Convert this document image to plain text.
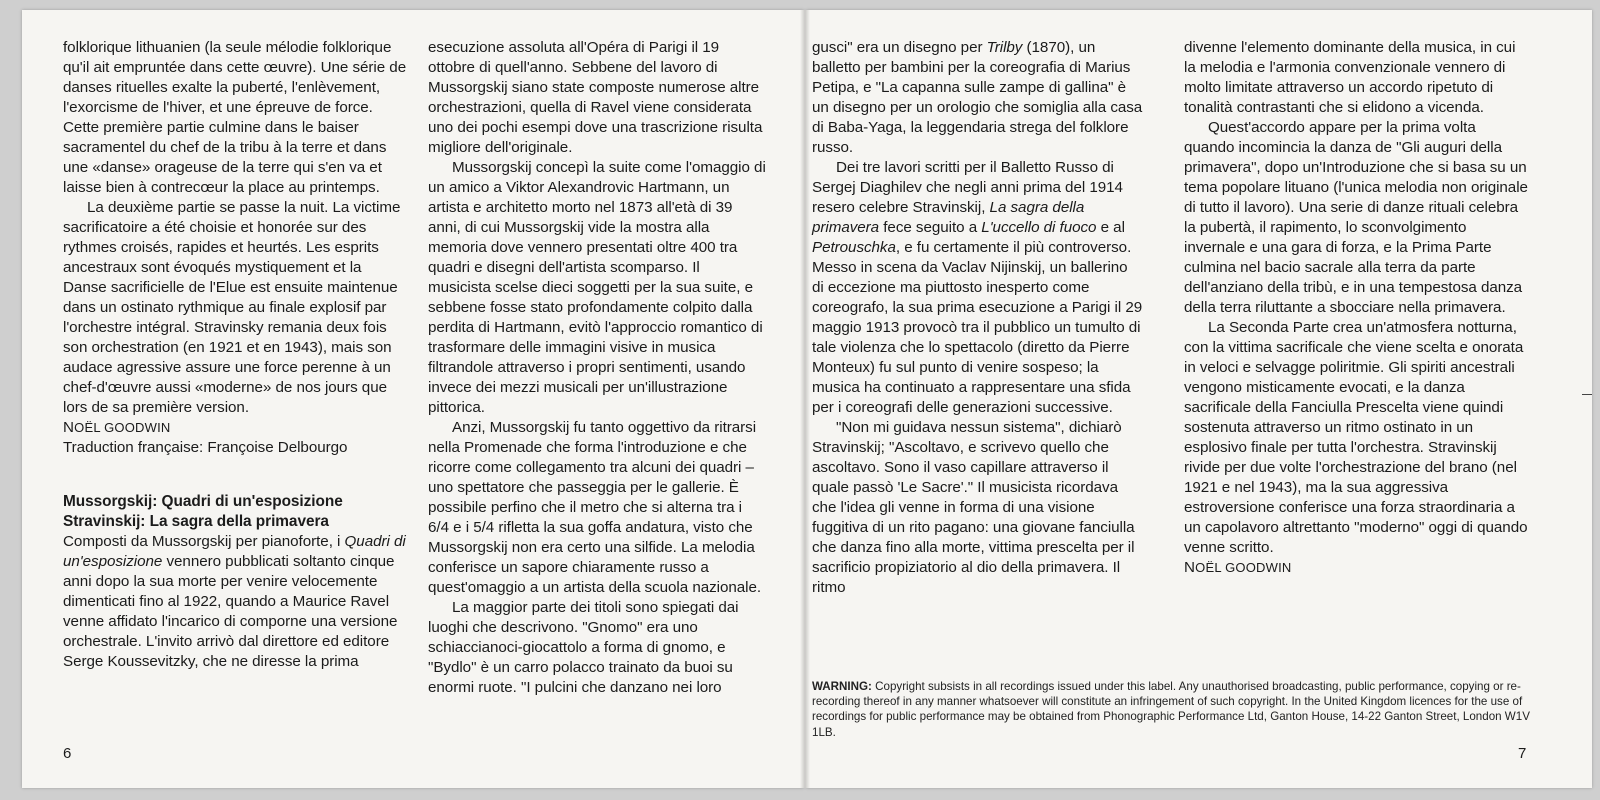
folklorique lithuanien (la seule mélodie folklorique qu'il ait empruntée dans cette œuvre). Une série de danses rituelles exalte la puberté, l'enlèvement, l'exorcisme de l'hiver, et une épreuve de force. Cette première partie culmine dans le baiser sacramentel du chef de la tribu à la terre et dans une «danse» orageuse de la terre qui s'en va et laisse bien à contrecœur la place au printemps.

La deuxième partie se passe la nuit. La victime sacrificatoire a été choisie et honorée sur des rythmes croisés, rapides et heurtés. Les esprits ancestraux sont évoqués mystiquement et la Danse sacrificielle de l'Elue est ensuite maintenue dans un ostinato rythmique au finale explosif par l'orchestre intégral. Stravinsky remania deux fois son orchestration (en 1921 et en 1943), mais son audace agressive assure une force perenne à un chef-d'œuvre aussi «moderne» de nos jours que lors de sa première version.

NOËL GOODWIN

Traduction française: Françoise Delbourgo

Mussorgskij: Quadri di un'esposizione
Stravinskij: La sagra della primavera

Composti da Mussorgskij per pianoforte, i Quadri di un'esposizione vennero pubblicati soltanto cinque anni dopo la sua morte per venire velocemente dimenticati fino al 1922, quando a Maurice Ravel venne affidato l'incarico di comporne una versione orchestrale. L'invito arrivò dal direttore ed editore Serge Koussevitzky, che ne diresse la prima

esecuzione assoluta all'Opéra di Parigi il 19 ottobre di quell'anno. Sebbene del lavoro di Mussorgskij siano state composte numerose altre orchestrazioni, quella di Ravel viene considerata uno dei pochi esempi dove una trascrizione risulta migliore dell'originale.

Mussorgskij concepì la suite come l'omaggio di un amico a Viktor Alexandrovic Hartmann, un artista e architetto morto nel 1873 all'età di 39 anni, di cui Mussorgskij vide la mostra alla memoria dove vennero presentati oltre 400 tra quadri e disegni dell'artista scomparso. Il musicista scelse dieci soggetti per la sua suite, e sebbene fosse stato profondamente colpito dalla perdita di Hartmann, evitò l'approccio romantico di trasformare delle immagini visive in musica filtrandole attraverso i propri sentimenti, usando invece dei mezzi musicali per un'illustrazione pittorica.

Anzi, Mussorgskij fu tanto oggettivo da ritrarsi nella Promenade che forma l'introduzione e che ricorre come collegamento tra alcuni dei quadri – uno spettatore che passeggia per le gallerie. È possibile perfino che il metro che si alterna tra i 6/4 e i 5/4 rifletta la sua goffa andatura, visto che Mussorgskij non era certo una silfide. La melodia conferisce un sapore chiaramente russo a quest'omaggio a un artista della scuola nazionale.

La maggior parte dei titoli sono spiegati dai luoghi che descrivono. "Gnomo" era uno schiaccianoci-giocattolo a forma di gnomo, e "Bydlo" è un carro polacco trainato da buoi su enormi ruote. "I pulcini che danzano nei loro

6

gusci" era un disegno per Trilby (1870), un balletto per bambini per la coreografia di Marius Petipa, e "La capanna sulle zampe di gallina" è un disegno per un orologio che somiglia alla casa di Baba-Yaga, la leggendaria strega del folklore russo.

Dei tre lavori scritti per il Balletto Russo di Sergej Diaghilev che negli anni prima del 1914 resero celebre Stravinskij, La sagra della primavera fece seguito a L'uccello di fuoco e al Petrouschka, e fu certamente il più controverso. Messo in scena da Vaclav Nijinskij, un ballerino di eccezione ma piuttosto inesperto come coreografo, la sua prima esecuzione a Parigi il 29 maggio 1913 provocò tra il pubblico un tumulto di tale violenza che lo spettacolo (diretto da Pierre Monteux) fu sul punto di venire sospeso; la musica ha continuato a rappresentare una sfida per i coreografi delle generazioni successive.

"Non mi guidava nessun sistema", dichiarò Stravinskij; "Ascoltavo, e scrivevo quello che ascoltavo. Sono il vaso capillare attraverso il quale passò 'Le Sacre'." Il musicista ricordava che l'idea gli venne in forma di una visione fuggitiva di un rito pagano: una giovane fanciulla che danza fino alla morte, vittima prescelta per il sacrificio propiziatorio al dio della primavera. Il ritmo

divenne l'elemento dominante della musica, in cui la melodia e l'armonia convenzionale vennero di molto limitate attraverso un accordo ripetuto di tonalità contrastanti che si elidono a vicenda.

Quest'accordo appare per la prima volta quando incomincia la danza de "Gli auguri della primavera", dopo un'Introduzione che si basa su un tema popolare lituano (l'unica melodia non originale di tutto il lavoro). Una serie di danze rituali celebra la pubertà, il rapimento, lo sconvolgimento invernale e una gara di forza, e la Prima Parte culmina nel bacio sacrale alla terra da parte dell'anziano della tribù, e in una tempestosa danza della terra riluttante a sbocciare nella primavera.

La Seconda Parte crea un'atmosfera notturna, con la vittima sacrificale che viene scelta e onorata in veloci e selvagge poliritmie. Gli spiriti ancestrali vengono misticamente evocati, e la danza sacrificale della Fanciulla Prescelta viene quindi sostenuta attraverso un ritmo ostinato in un esplosivo finale per tutta l'orchestra. Stravinskij rivide per due volte l'orchestrazione del brano (nel 1921 e nel 1943), ma la sua aggressiva estroversione conferisce una forza straordinaria a un capolavoro altrettanto "moderno" oggi di quando venne scritto.

NOËL GOODWIN

WARNING: Copyright subsists in all recordings issued under this label. Any unauthorised broadcasting, public performance, copying or re-recording thereof in any manner whatsoever will constitute an infringement of such copyright. In the United Kingdom licences for the use of recordings for public performance may be obtained from Phonographic Performance Ltd, Ganton House, 14-22 Ganton Street, London W1V 1LB.
7
